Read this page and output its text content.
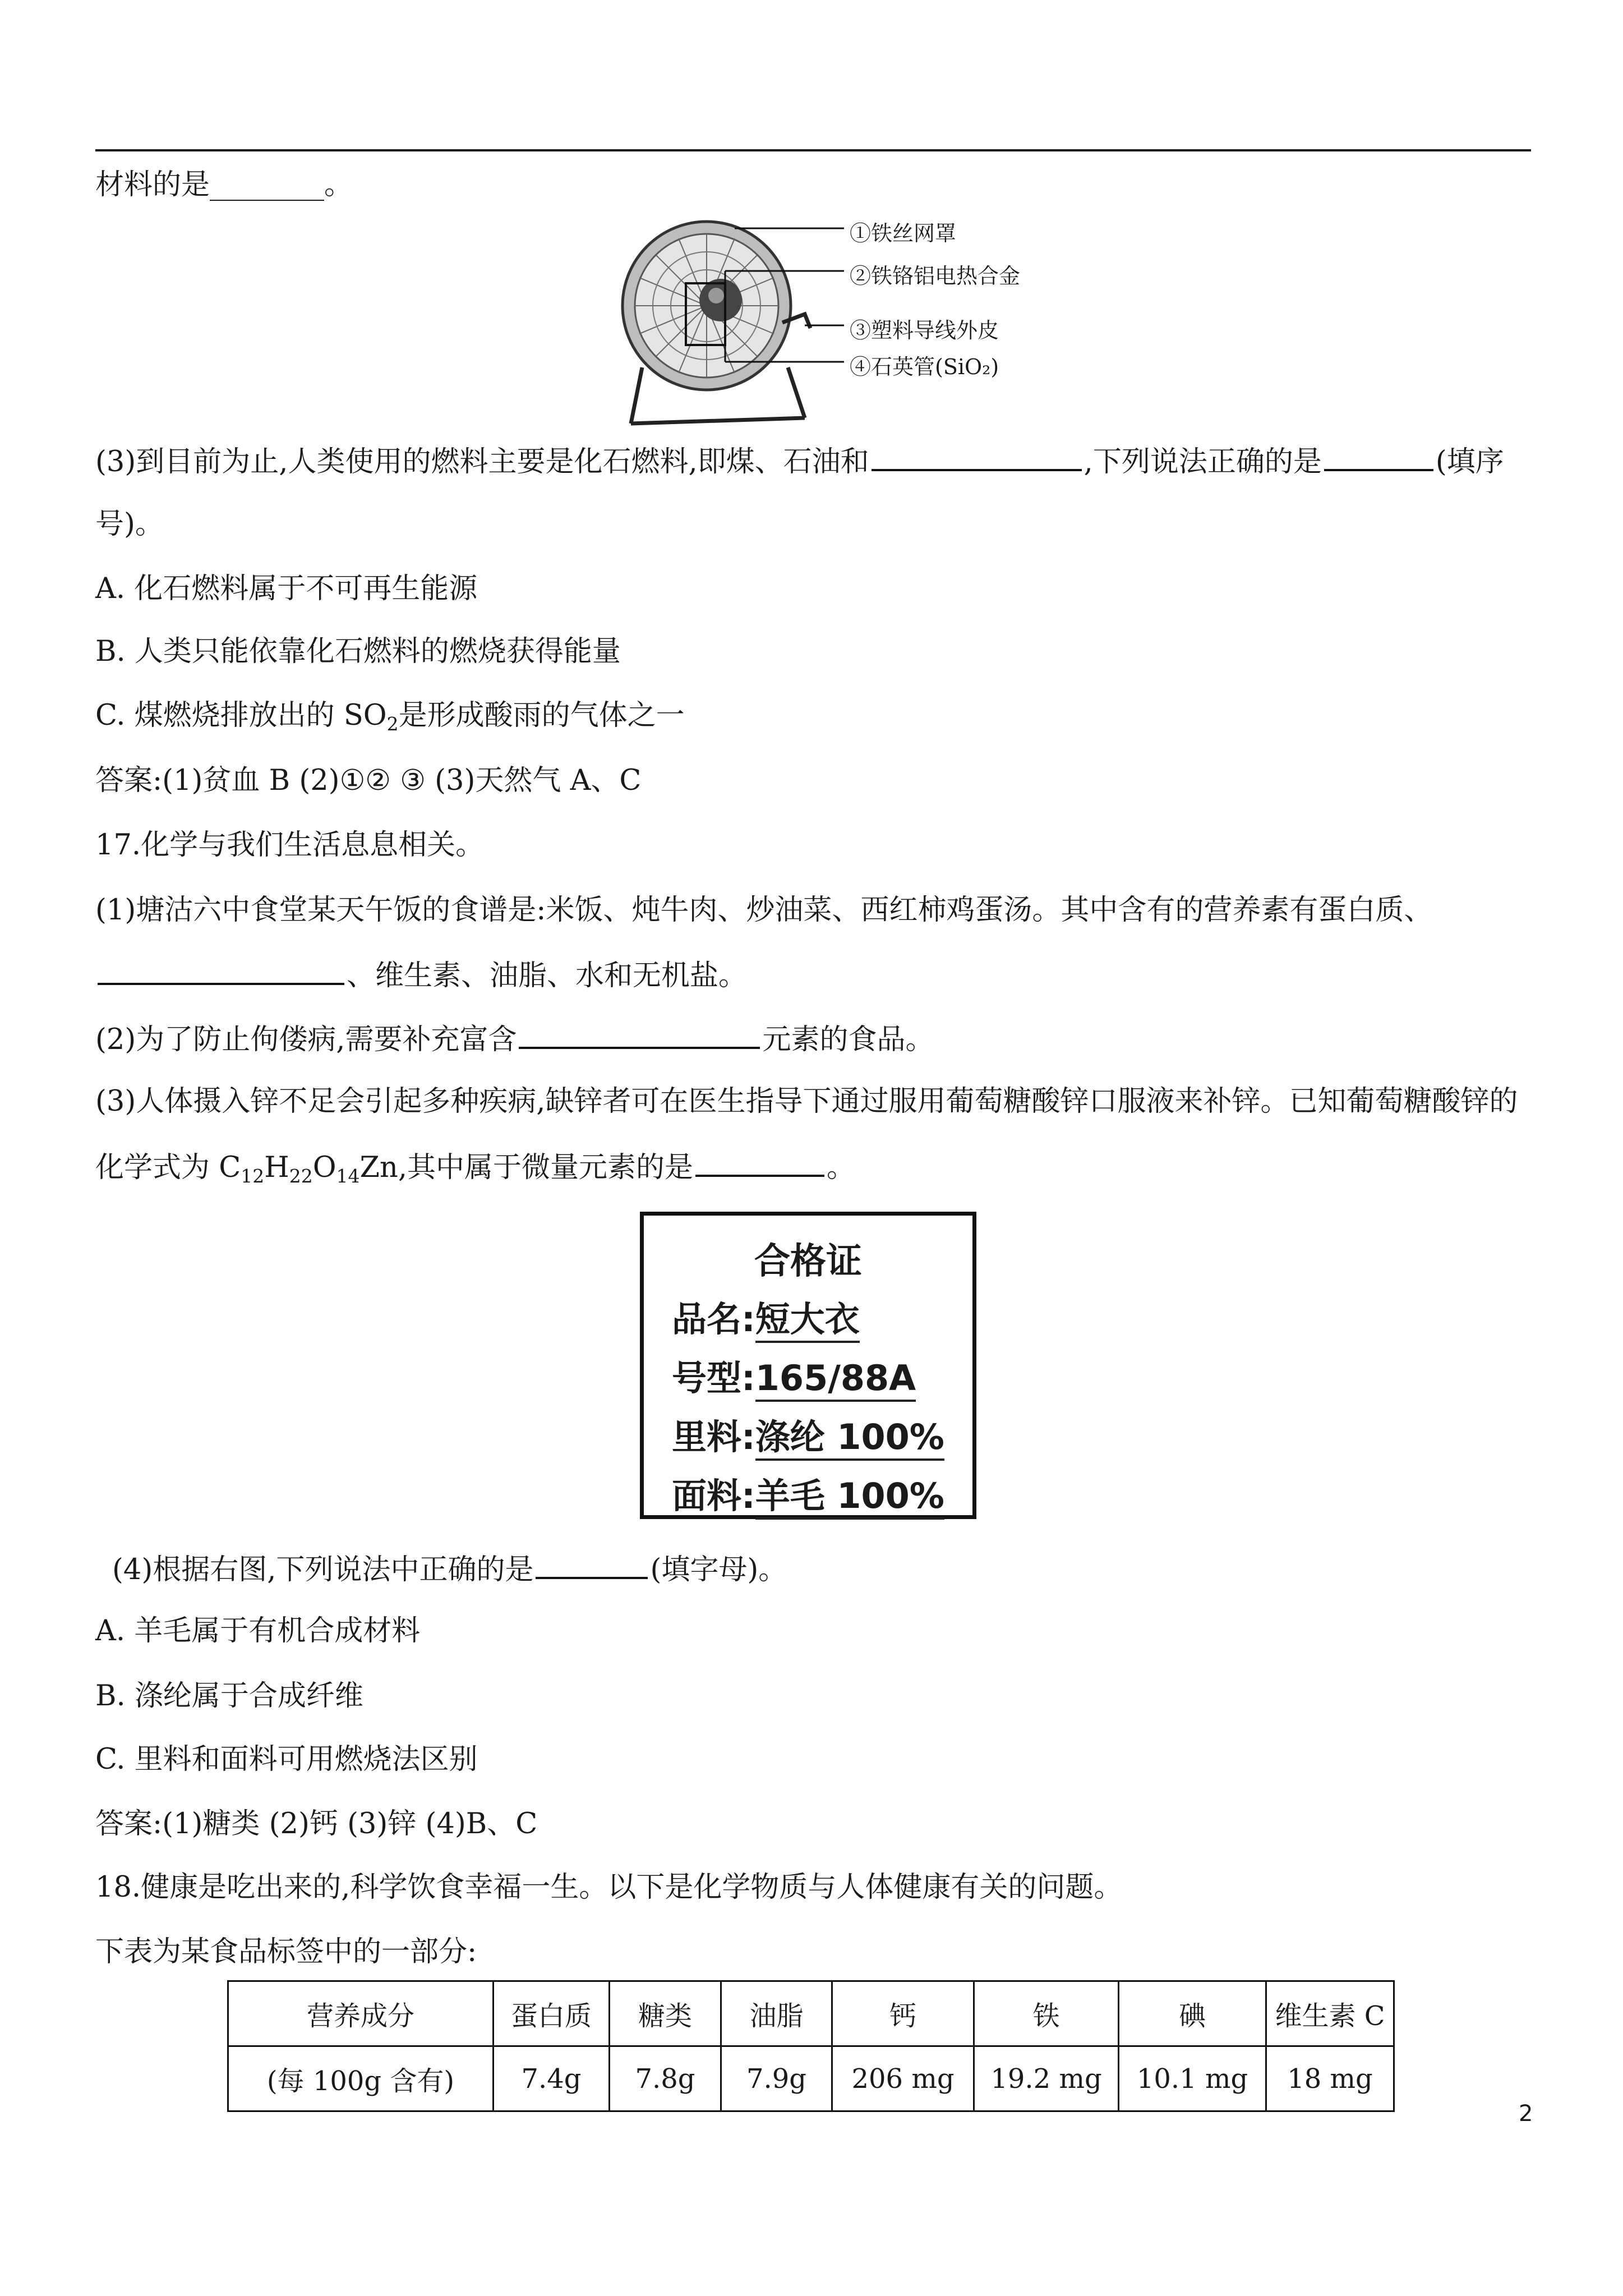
材料的是________。
①铁丝网罩
②铁铬铝电热合金
③塑料导线外皮
④石英管(SiO₂)
(3)到目前为止,人类使用的燃料主要是化石燃料,即煤、石油和	,下列说法正确的是	(填序
号)。
A. 化石燃料属于不可再生能源
B. 人类只能依靠化石燃料的燃烧获得能量
C. 煤燃烧排放出的 $SO_2$是形成酸雨的气体之一
答案:(1)贫血 B (2)①② ③ (3)天然气 A、C
17.化学与我们生活息息相关。
(1)塘沽六中食堂某天午饭的食谱是:米饭、炖牛肉、炒油菜、西红柿鸡蛋汤。其中含有的营养素有蛋白质、
、维生素、油脂、水和无机盐。
(2)为了防止佝偻病,需要补充富含	元素的食品。
(3)人体摄入锌不足会引起多种疾病,缺锌者可在医生指导下通过服用葡萄糖酸锌口服液来补锌。已知葡萄糖酸锌的
化学式为 $C_{12}H_{22}O_{14}Zn$,其中属于微量元素的是	。
合格证
品名:短大衣
号型:165/88A
里料:涤纶 100%
面料:羊毛 100%
(4)根据右图,下列说法中正确的是	(填字母)。
A. 羊毛属于有机合成材料
B. 涤纶属于合成纤维
C. 里料和面料可用燃烧法区别
答案:(1)糖类 (2)钙 (3)锌 (4)B、C
18.健康是吃出来的,科学饮食幸福一生。以下是化学物质与人体健康有关的问题。
下表为某食品标签中的一部分:
营养成分	蛋白质	糖类	油脂	钙	铁	碘	维生素 C
(每 100g 含有)	7.4g	7.8g	7.9g	206 mg	19.2 mg	10.1 mg	18 mg
2
